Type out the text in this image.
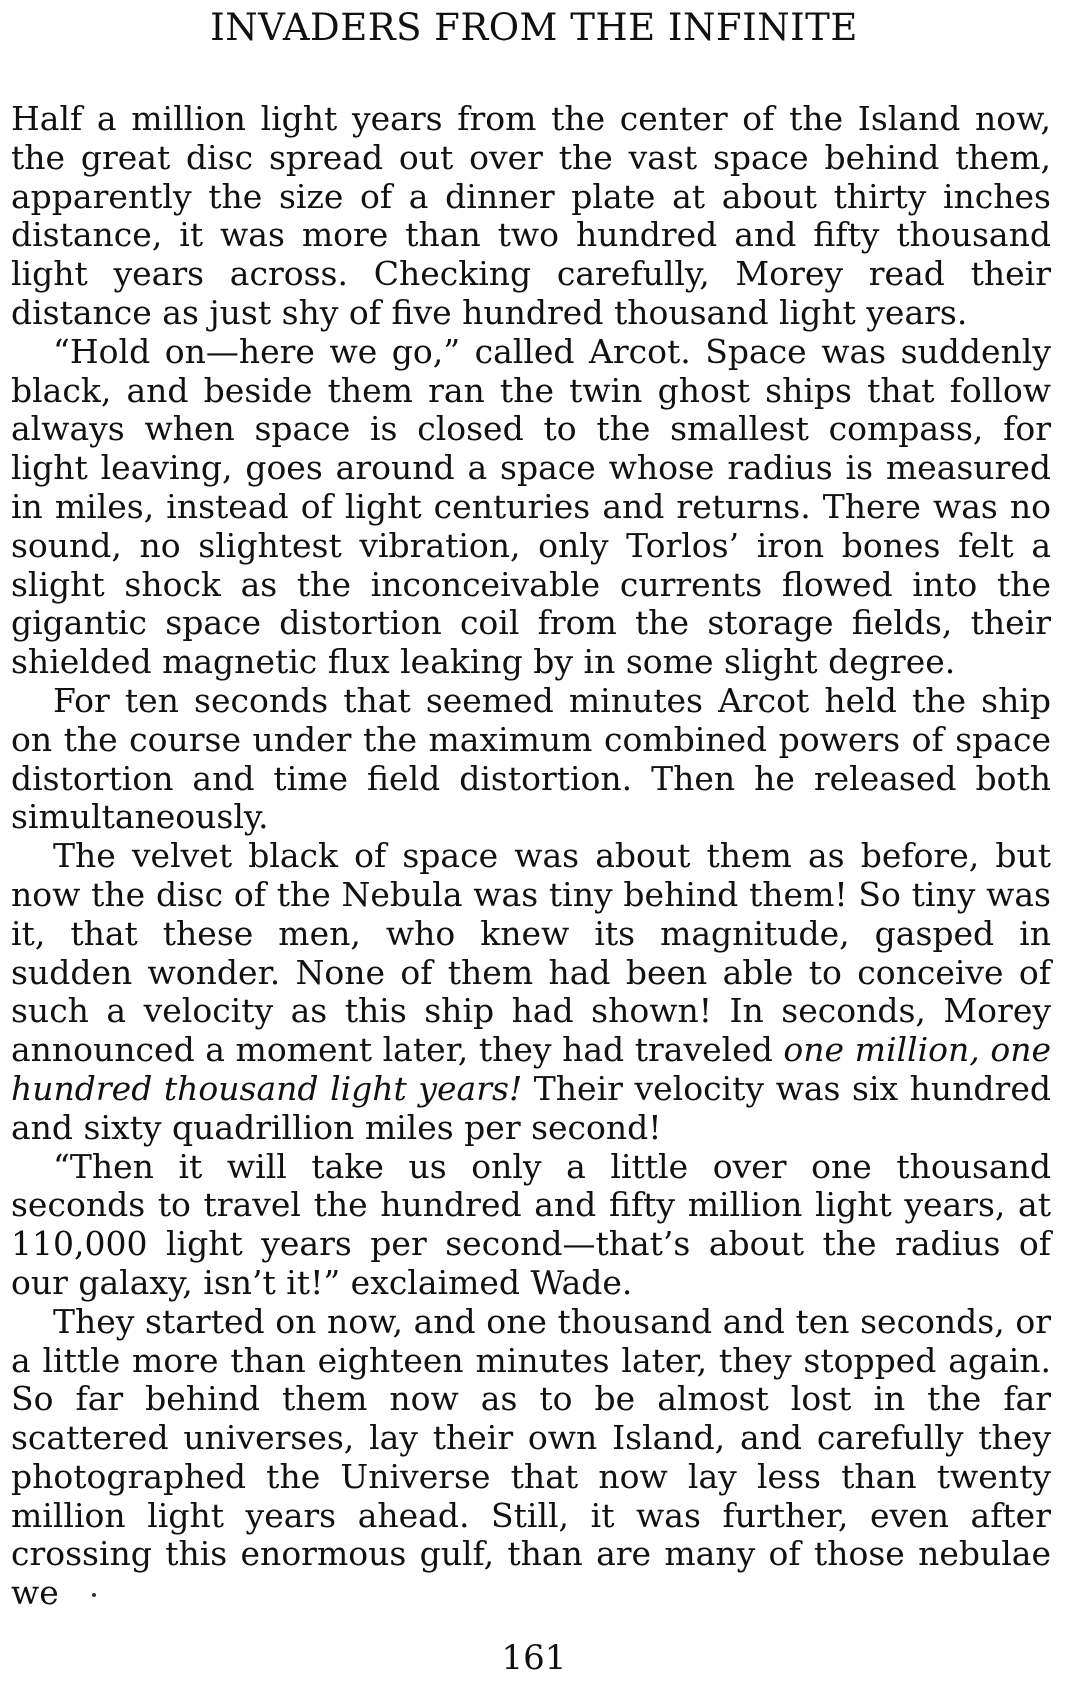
INVADERS FROM THE INFINITE

Half a million light years from the center of the Island now, the great disc spread out over the vast space behind them, apparently the size of a dinner plate at about thirty inches distance, it was more than two hundred and fifty thousand light years across. Checking carefully, Morey read their distance as just shy of five hundred thousand light years.

“Hold on—here we go,” called Arcot. Space was suddenly black, and beside them ran the twin ghost ships that follow always when space is closed to the smallest compass, for light leaving, goes around a space whose radius is measured in miles, instead of light centuries and returns. There was no sound, no slightest vibration, only Torlos’ iron bones felt a slight shock as the inconceivable currents flowed into the gigantic space distortion coil from the storage fields, their shielded magnetic flux leaking by in some slight degree.

For ten seconds that seemed minutes Arcot held the ship on the course under the maximum combined powers of space distortion and time field distortion. Then he released both simultaneously.

The velvet black of space was about them as before, but now the disc of the Nebula was tiny behind them! So tiny was it, that these men, who knew its magnitude, gasped in sudden wonder. None of them had been able to conceive of such a velocity as this ship had shown! In seconds, Morey announced a moment later, they had traveled one million, one hundred thousand light years! Their velocity was six hundred and sixty quadrillion miles per second!

“Then it will take us only a little over one thousand seconds to travel the hundred and fifty million light years, at 110,000 light years per second—that’s about the radius of our galaxy, isn’t it!” exclaimed Wade.

They started on now, and one thousand and ten seconds, or a little more than eighteen minutes later, they stopped again. So far behind them now as to be almost lost in the far scattered universes, lay their own Island, and carefully they photographed the Universe that now lay less than twenty million light years ahead. Still, it was further, even after crossing this enormous gulf, than are many of those nebulae we

161
